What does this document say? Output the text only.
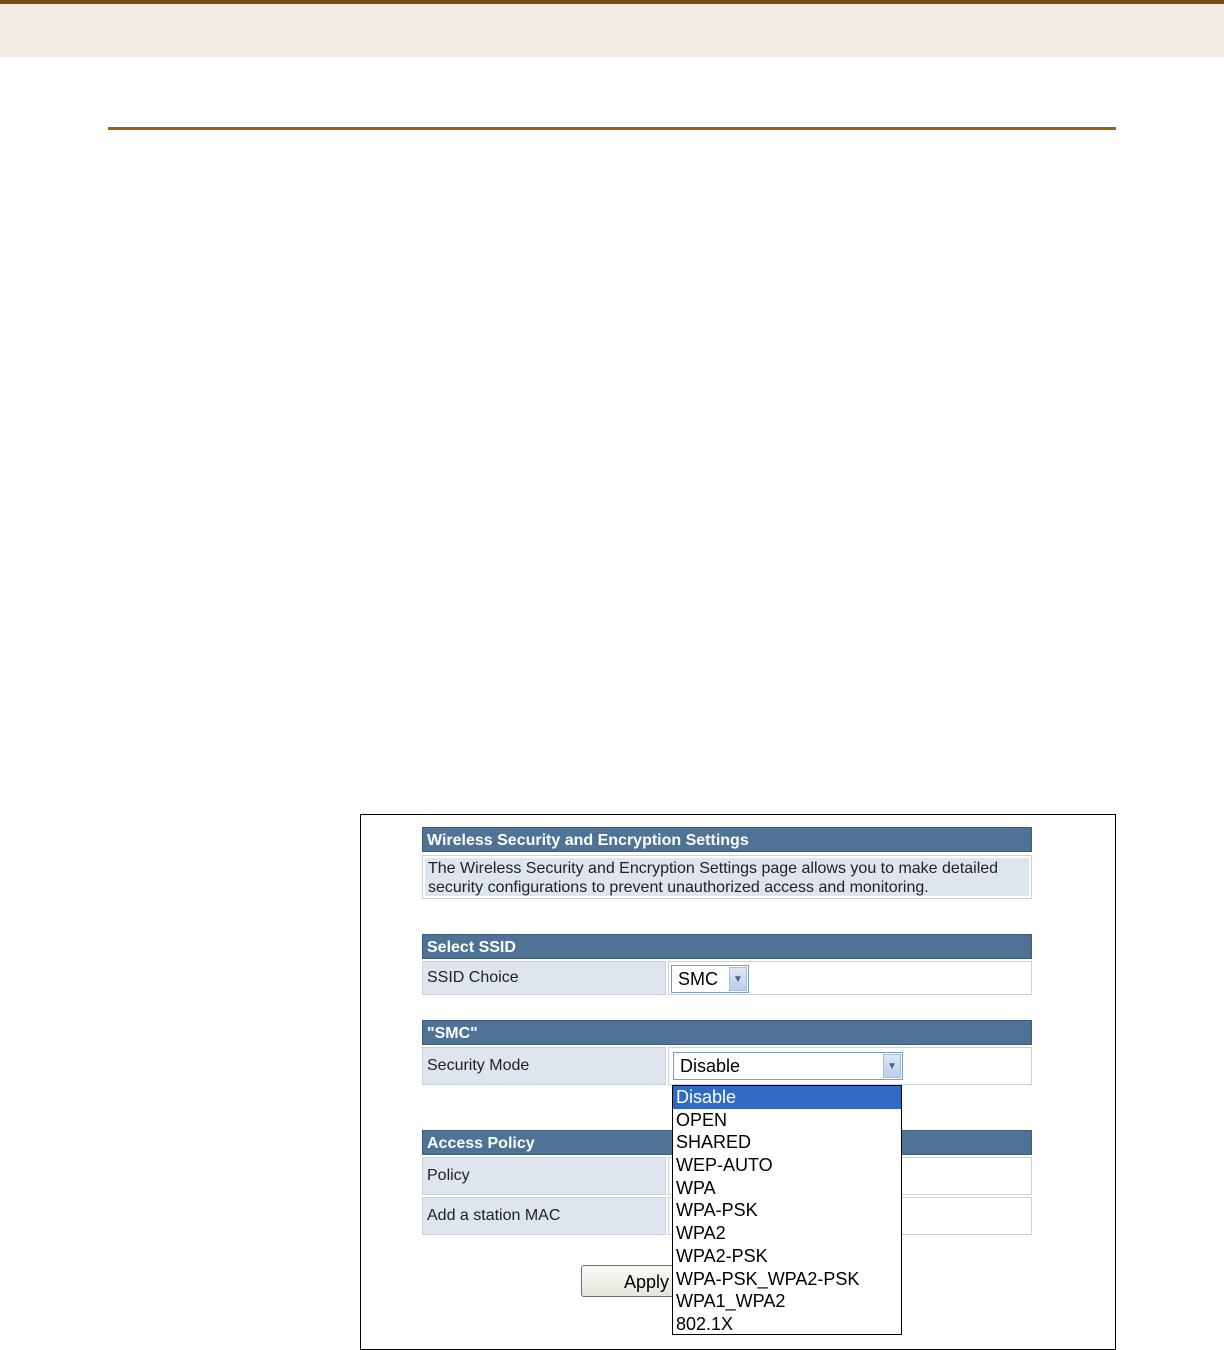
Wireless Security and Encryption Settings
The Wireless Security and Encryption Settings page allows you to make detailed security configurations to prevent unauthorized access and monitoring.
Select SSID
SSID Choice	SMC	▼
"SMC"
Security Mode	Disable	▼
Access Policy
Policy
Add a station MAC
Apply
Disable
OPEN
SHARED
WEP-AUTO
WPA
WPA-PSK
WPA2
WPA2-PSK
WPA-PSK_WPA2-PSK
WPA1_WPA2
802.1X
